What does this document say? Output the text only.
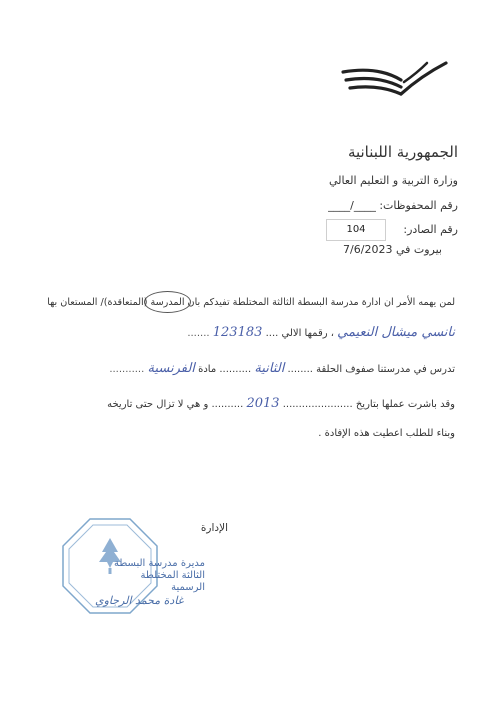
الجمهورية اللبنانية
وزارة التربية و التعليم العالي
رقم المحفوظات: ____/____
رقم الصادر:
104
بيروت في 7/6/2023
لمن يهمه الأمر ان ادارة مدرسة البسطة الثالثة المختلطة تفيدكم بان المدرسة (المتعاقدة)/ المستعان بها
نانسي ميشال النعيمي ، رقمها الالي .... 123183 .......
تدرس في مدرستنا صفوف الحلقة ........ الثانية .......... مادة الفرنسية ...........
وقد باشرت عملها بتاريخ ...................... 2013 .......... و هي لا تزال حتى تاريخه
وبناء للطلب اعطيت هذه الإفادة .
الإدارة
مديرة مدرسة البسطة
الثالثة المختلطة
الرسمية
غادة محمد الرجاوي
